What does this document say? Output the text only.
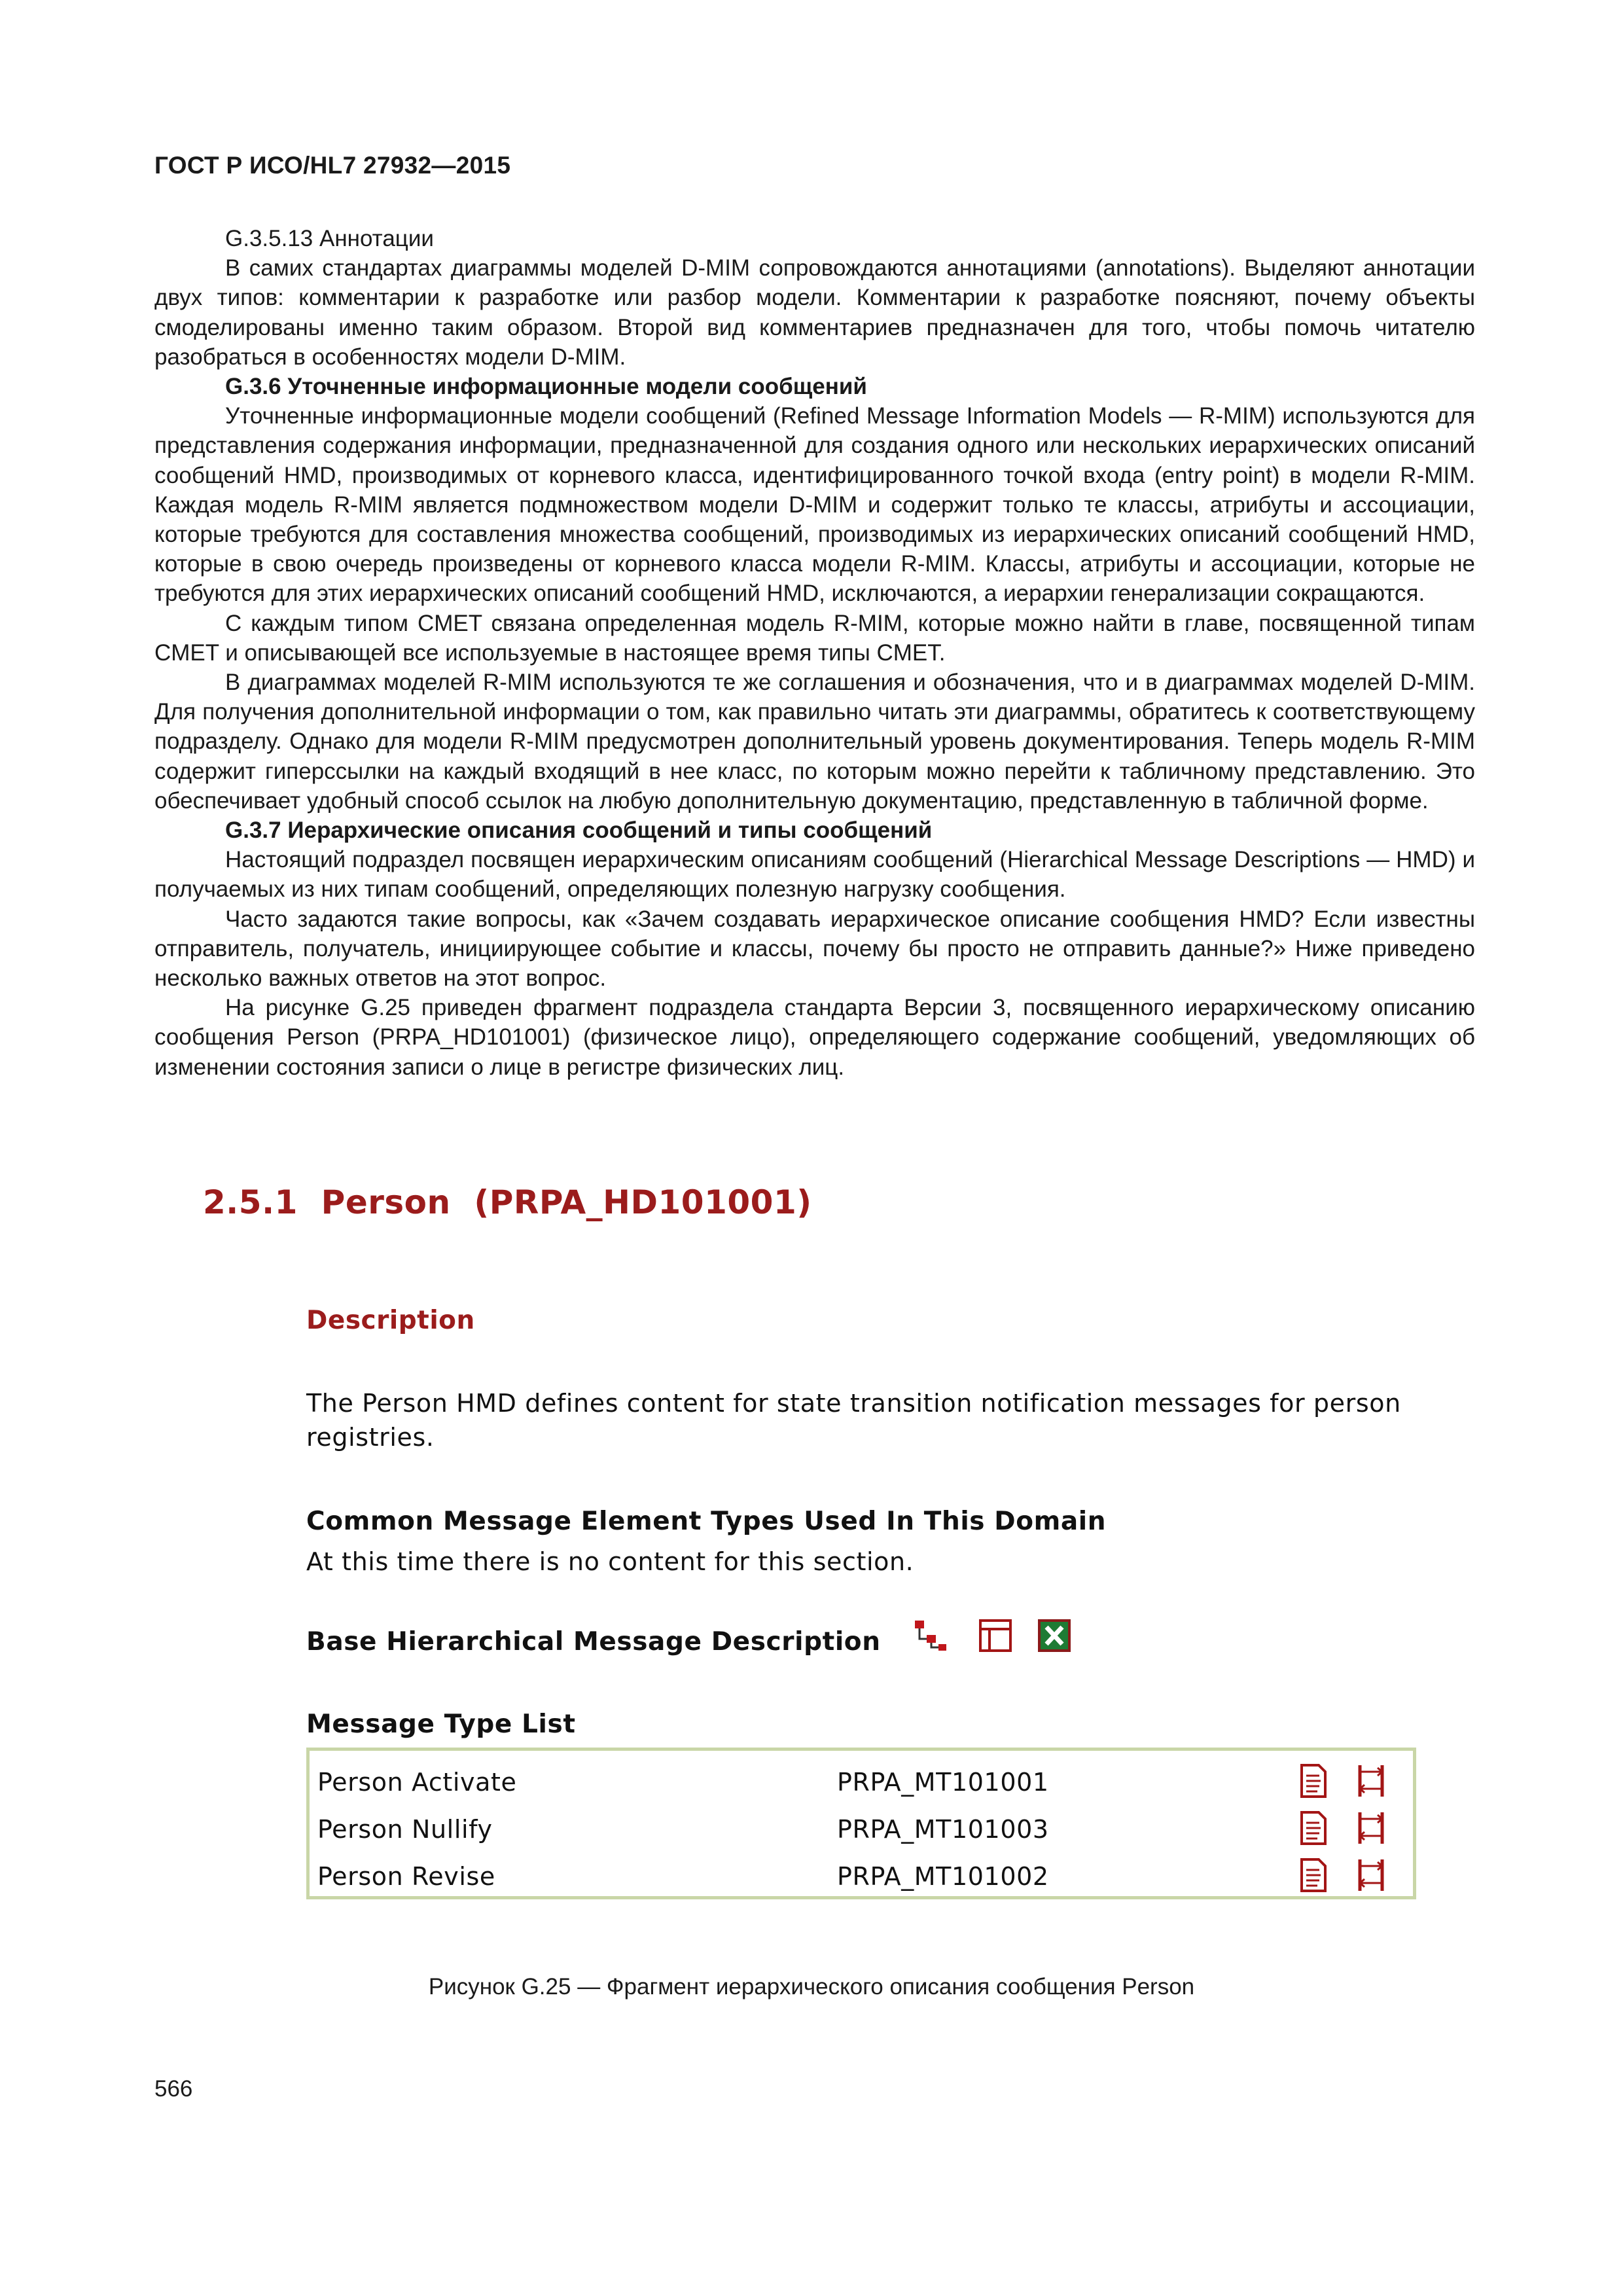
ГОСТ Р ИСО/HL7 27932—2015

G.3.5.13 Аннотации

В самих стандартах диаграммы моделей D-MIM сопровождаются аннотациями (annotations). Выделяют аннотации двух типов: комментарии к разработке или разбор модели. Комментарии к разработке поясняют, почему объекты смоделированы именно таким образом. Второй вид комментариев предназначен для того, чтобы помочь читателю разобраться в особенностях модели D-MIM.

G.3.6 Уточненные информационные модели сообщений

Уточненные информационные модели сообщений (Refined Message Information Models — R-MIM) используются для представления содержания информации, предназначенной для создания одного или нескольких иерархических описаний сообщений HMD, производимых от корневого класса, идентифицированного точкой входа (entry point) в модели R-MIM. Каждая модель R-MIM является подмножеством модели D-MIM и содержит только те классы, атрибуты и ассоциации, которые требуются для составления множества сообщений, производимых из иерархических описаний сообщений HMD, которые в свою очередь произведены от корневого класса модели R-MIM. Классы, атрибуты и ассоциации, которые не требуются для этих иерархических описаний сообщений HMD, исключаются, а иерархии генерализации сокращаются.

С каждым типом CMET связана определенная модель R-MIM, которые можно найти в главе, посвященной типам CMET и описывающей все используемые в настоящее время типы CMET.

В диаграммах моделей R-MIM используются те же соглашения и обозначения, что и в диаграммах моделей D-MIM. Для получения дополнительной информации о том, как правильно читать эти диаграммы, обратитесь к соответствующему подразделу. Однако для модели R-MIM предусмотрен дополнительный уровень документирования. Теперь модель R-MIM содержит гиперссылки на каждый входящий в нее класс, по которым можно перейти к табличному представлению. Это обеспечивает удобный способ ссылок на любую дополнительную документацию, представленную в табличной форме.

G.3.7 Иерархические описания сообщений и типы сообщений

Настоящий подраздел посвящен иерархическим описаниям сообщений (Hierarchical Message Descriptions — HMD) и получаемых из них типам сообщений, определяющих полезную нагрузку сообщения.

Часто задаются такие вопросы, как «Зачем создавать иерархическое описание сообщения HMD? Если известны отправитель, получатель, инициирующее событие и классы, почему бы просто не отправить данные?» Ниже приведено несколько важных ответов на этот вопрос.

На рисунке G.25 приведен фрагмент подраздела стандарта Версии 3, посвященного иерархическому описанию сообщения Person (PRPA_HD101001) (физическое лицо), определяющего содержание сообщений, уведомляющих об изменении состояния записи о лице в регистре физических лиц.

2.5.1  Person  (PRPA_HD101001)
Description
The Person HMD defines content for state transition notification messages for person registries.
Common Message Element Types Used In This Domain
At this time there is no content for this section.
Base Hierarchical Message Description
Message Type List
Person Activate	PRPA_MT101001
Person Nullify	PRPA_MT101003
Person Revise	PRPA_MT101002
Рисунок G.25 — Фрагмент иерархического описания сообщения Person
566
